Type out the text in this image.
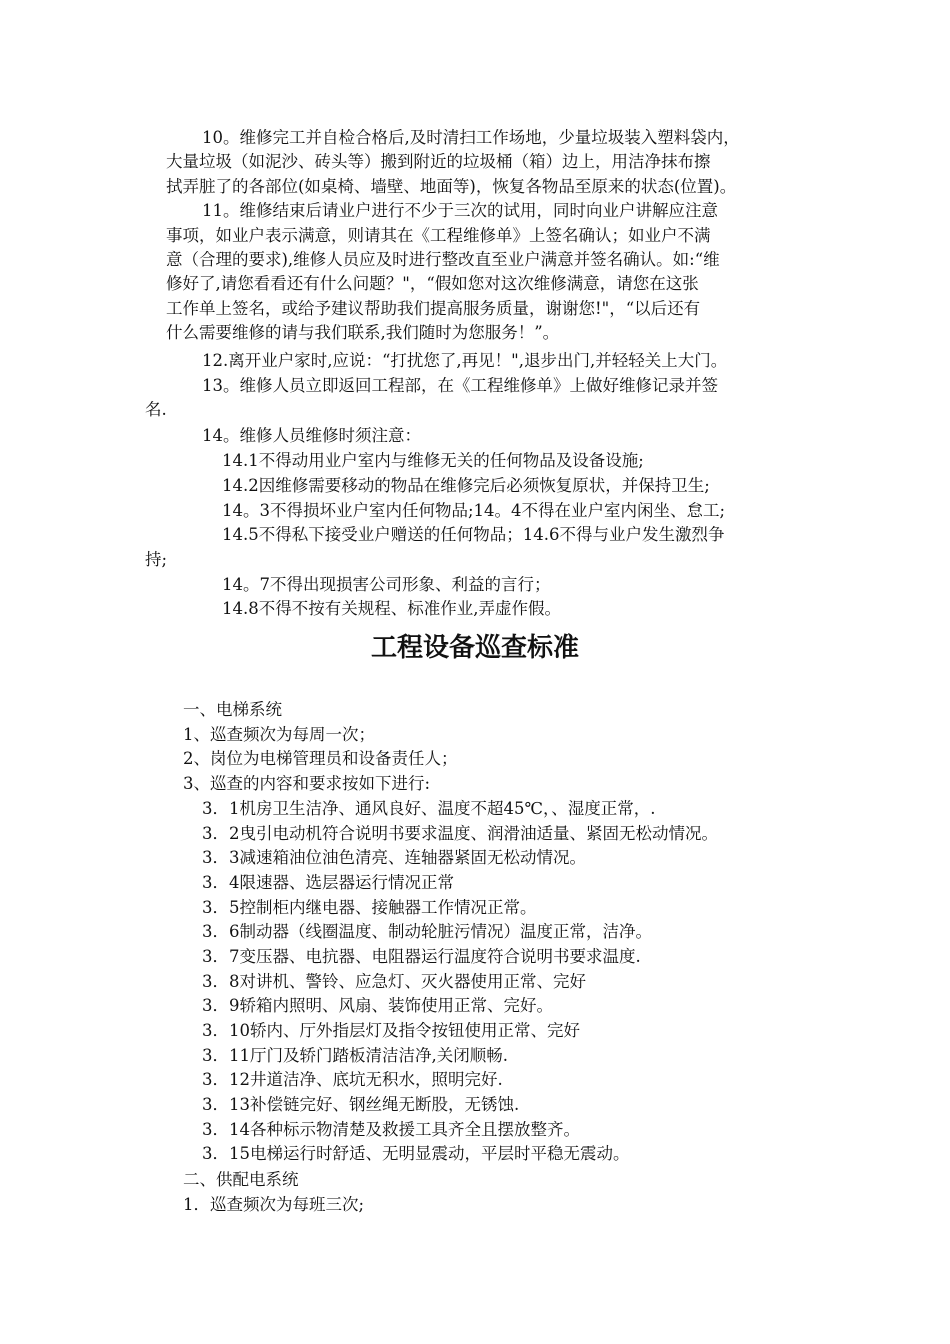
10。维修完工并自检合格后,及时清扫工作场地，少量垃圾装入塑料袋内，
大量垃圾（如泥沙、砖头等）搬到附近的垃圾桶（箱）边上，用洁净抹布擦
拭弄脏了的各部位(如桌椅、墙壁、地面等)，恢复各物品至原来的状态(位置)。
11。维修结束后请业户进行不少于三次的试用，同时向业户讲解应注意
事项，如业户表示满意，则请其在《工程维修单》上签名确认；如业户不满
意（合理的要求),维修人员应及时进行整改直至业户满意并签名确认。如:“维
修好了,请您看看还有什么问题？"，“假如您对这次维修满意，请您在这张
工作单上签名，或给予建议帮助我们提高服务质量，谢谢您!"，“以后还有
什么需要维修的请与我们联系,我们随时为您服务！”。
12.离开业户家时,应说：“打扰您了,再见！",退步出门,并轻轻关上大门。
13。维修人员立即返回工程部，在《工程维修单》上做好维修记录并签
名.
14。维修人员维修时须注意：
14.1不得动用业户室内与维修无关的任何物品及设备设施;
14.2因维修需要移动的物品在维修完后必须恢复原状，并保持卫生;
14。3不得损坏业户室内任何物品;14。4不得在业户室内闲坐、怠工;
14.5不得私下接受业户赠送的任何物品；14.6不得与业户发生激烈争
持;
14。7不得出现损害公司形象、利益的言行；
14.8不得不按有关规程、标准作业,弄虚作假。
工程设备巡查标准
一、电梯系统
1、巡查频次为每周一次；
2、岗位为电梯管理员和设备责任人；
3、巡查的内容和要求按如下进行:
3．1机房卫生洁净、通风良好、温度不超45℃，、湿度正常，.
3．2曳引电动机符合说明书要求温度、润滑油适量、紧固无松动情况。
3．3减速箱油位油色清亮、连轴器紧固无松动情况。
3．4限速器、选层器运行情况正常
3．5控制柜内继电器、接触器工作情况正常。
3．6制动器（线圈温度、制动轮脏污情况）温度正常，洁净。
3．7变压器、电抗器、电阻器运行温度符合说明书要求温度.
3．8对讲机、警铃、应急灯、灭火器使用正常、完好
3．9轿箱内照明、风扇、装饰使用正常、完好。
3．10轿内、厅外指层灯及指令按钮使用正常、完好
3．11厅门及轿门踏板清洁洁净,关闭顺畅.
3．12井道洁净、底坑无积水，照明完好.
3．13补偿链完好、钢丝绳无断股，无锈蚀.
3．14各种标示物清楚及救援工具齐全且摆放整齐。
3．15电梯运行时舒适、无明显震动，平层时平稳无震动。
二、供配电系统
1．巡查频次为每班三次;
